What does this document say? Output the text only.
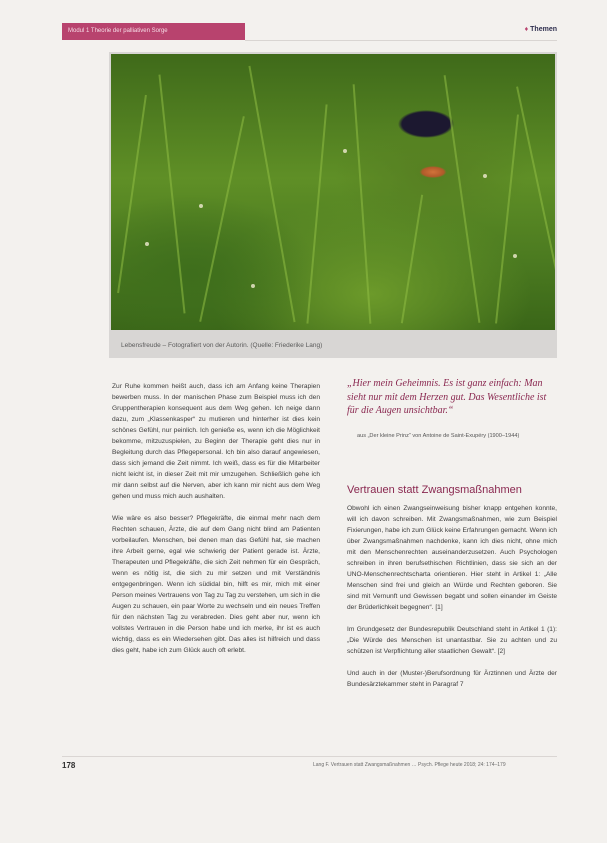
Modul 1 Theorie der palliativen Sorge	♦ Themen
Lebensfreude – Fotografiert von der Autorin. (Quelle: Friederike Lang)

Zur Ruhe kommen heißt auch, dass ich am Anfang keine Therapien bewerben muss. In der manischen Phase zum Beispiel muss ich den Gruppentherapien konsequent aus dem Weg gehen. Ich neige dann dazu, zum „Klassenkasper“ zu mutieren und hinterher ist dies kein schönes Gefühl, nur peinlich. Ich genieße es, wenn ich die Möglichkeit bekomme, mitzuzuspielen, zu Beginn der Therapie geht dies nur in Begleitung durch das Pflegepersonal. Ich bin also darauf angewiesen, dass sich jemand die Zeit nimmt. Ich weiß, dass es für die Mitarbeiter nicht leicht ist, in dieser Zeit mit mir umzugehen. Schließlich gehe ich mir dann selbst auf die Nerven, aber ich kann mir nicht aus dem Weg gehen und muss mich auch aushalten.

Wie wäre es also besser? Pflegekräfte, die einmal mehr nach dem Rechten schauen, Ärzte, die auf dem Gang nicht blind am Patienten vorbeilaufen. Menschen, bei denen man das Gefühl hat, sie machen ihre Arbeit gerne, egal wie schwierig der Patient gerade ist. Ärzte, Therapeuten und Pflegekräfte, die sich Zeit nehmen für ein Gespräch, wenn es nötig ist, die sich zu mir setzen und mit Verständnis entgegenbringen. Wenn ich südidal bin, hilft es mir, mich mit einer Person meines Vertrauens von Tag zu Tag zu verstehen, um sich in die Augen zu schauen, ein paar Worte zu wechseln und ein neues Treffen für den nächsten Tag zu verabreden. Dies geht aber nur, wenn ich vollstes Vertrauen in die Person habe und ich merke, ihr ist es auch wichtig, dass es ein Wiedersehen gibt. Das alles ist hilfreich und dass dies geht, habe ich zum Glück auch oft erlebt.

„Hier mein Geheimnis. Es ist ganz einfach: Man sieht nur mit dem Herzen gut. Das Wesentliche ist für die Augen unsichtbar.“
aus „Der kleine Prinz“ von Antoine de Saint-Exupéry (1900–1944)
Vertrauen statt Zwangsmaßnahmen

Obwohl ich einen Zwangseinweisung bisher knapp entgehen konnte, will ich davon schreiben. Mit Zwangsmaßnahmen, wie zum Beispiel Fixierungen, habe ich zum Glück keine Erfahrungen gemacht. Wenn ich über Zwangsmaßnahmen nachdenke, kann ich dies nicht, ohne mich mit den Menschenrechten auseinanderzusetzen. Auch Psychologen schreiben in ihren berufsethischen Richtlinien, dass sie sich an der UNO-Menschenrechtscharta orientieren. Hier steht in Artikel 1: „Alle Menschen sind frei und gleich an Würde und Rechten geboren. Sie sind mit Vernunft und Gewissen begabt und sollen einander im Geiste der Brüderlichkeit begegnen“. [1]

Im Grundgesetz der Bundesrepublik Deutschland steht in Artikel 1 (1): „Die Würde des Menschen ist unantastbar. Sie zu achten und zu schützen ist Verpflichtung aller staatlichen Gewalt“. [2]

Und auch in der (Muster-)Berufsordnung für Ärztinnen und Ärzte der Bundesärztekammer steht in Paragraf 7

178	Lang F. Vertrauen statt Zwangsmaßnahmen … Psych. Pflege heute 2018; 24: 174–179
